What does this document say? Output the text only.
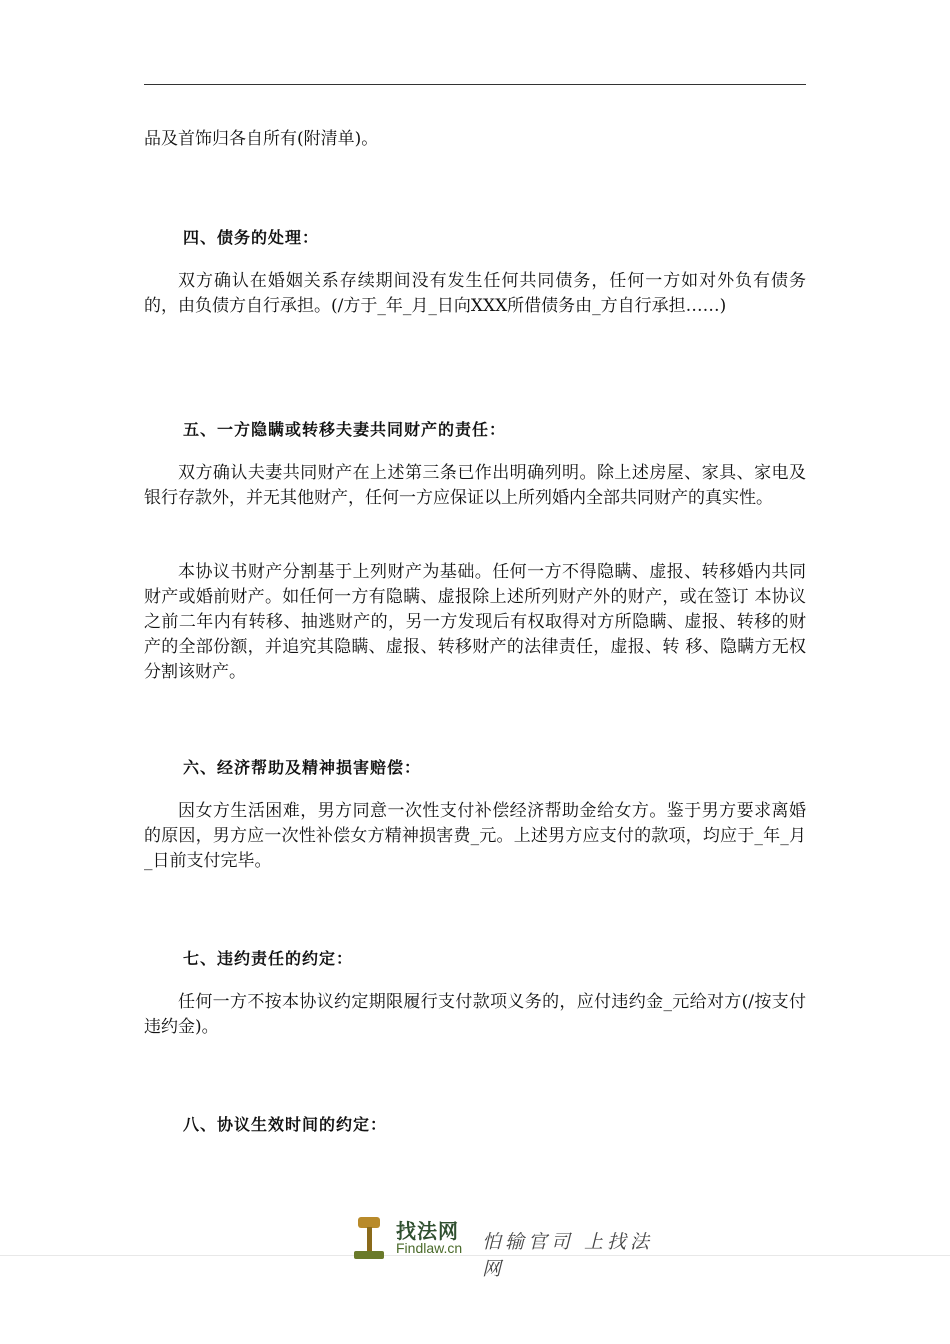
品及首饰归各自所有(附清单)。
四、债务的处理：
双方确认在婚姻关系存续期间没有发生任何共同债务，任何一方如对外负有债务的，由负债方自行承担。(/方于_年_月_日向XXX所借债务由_方自行承担……)
五、一方隐瞒或转移夫妻共同财产的责任：
双方确认夫妻共同财产在上述第三条已作出明确列明。除上述房屋、家具、家电及银行存款外，并无其他财产，任何一方应保证以上所列婚内全部共同财产的真实性。
本协议书财产分割基于上列财产为基础。任何一方不得隐瞒、虚报、转移婚内共同财产或婚前财产。如任何一方有隐瞒、虚报除上述所列财产外的财产，或在签订 本协议之前二年内有转移、抽逃财产的，另一方发现后有权取得对方所隐瞒、虚报、转移的财产的全部份额，并追究其隐瞒、虚报、转移财产的法律责任，虚报、转 移、隐瞒方无权分割该财产。
六、经济帮助及精神损害赔偿：
因女方生活困难，男方同意一次性支付补偿经济帮助金给女方。鉴于男方要求离婚的原因，男方应一次性补偿女方精神损害费_元。上述男方应支付的款项，均应于_年_月_日前支付完毕。
七、违约责任的约定：
任何一方不按本协议约定期限履行支付款项义务的，应付违约金_元给对方(/按支付违约金)。
八、协议生效时间的约定：
找法网
Findlaw.cn 怕输官司 上找法网
